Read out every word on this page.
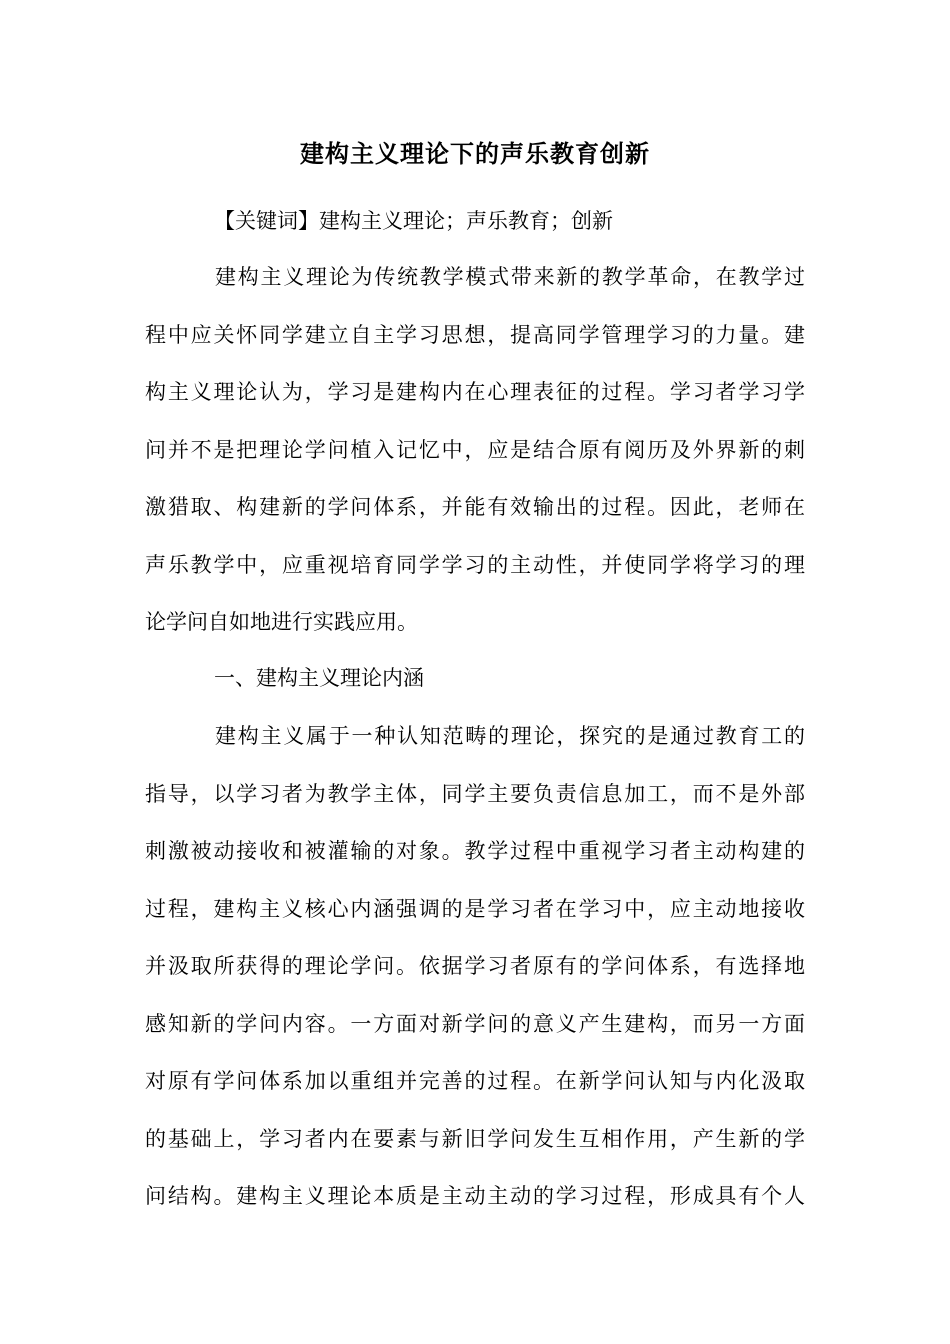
建构主义理论下的声乐教育创新
【关键词】建构主义理论；声乐教育；创新
建构主义理论为传统教学模式带来新的教学革命，在教学过
程中应关怀同学建立自主学习思想，提高同学管理学习的力量。建
构主义理论认为，学习是建构内在心理表征的过程。学习者学习学
问并不是把理论学问植入记忆中，应是结合原有阅历及外界新的刺
激猎取、构建新的学问体系，并能有效输出的过程。因此，老师在
声乐教学中，应重视培育同学学习的主动性，并使同学将学习的理
论学问自如地进行实践应用。
一、建构主义理论内涵
建构主义属于一种认知范畴的理论，探究的是通过教育工的
指导，以学习者为教学主体，同学主要负责信息加工，而不是外部
刺激被动接收和被灌输的对象。教学过程中重视学习者主动构建的
过程，建构主义核心内涵强调的是学习者在学习中，应主动地接收
并汲取所获得的理论学问。依据学习者原有的学问体系，有选择地
感知新的学问内容。一方面对新学问的意义产生建构，而另一方面
对原有学问体系加以重组并完善的过程。在新学问认知与内化汲取
的基础上，学习者内在要素与新旧学问发生互相作用，产生新的学
问结构。建构主义理论本质是主动主动的学习过程，形成具有个人
